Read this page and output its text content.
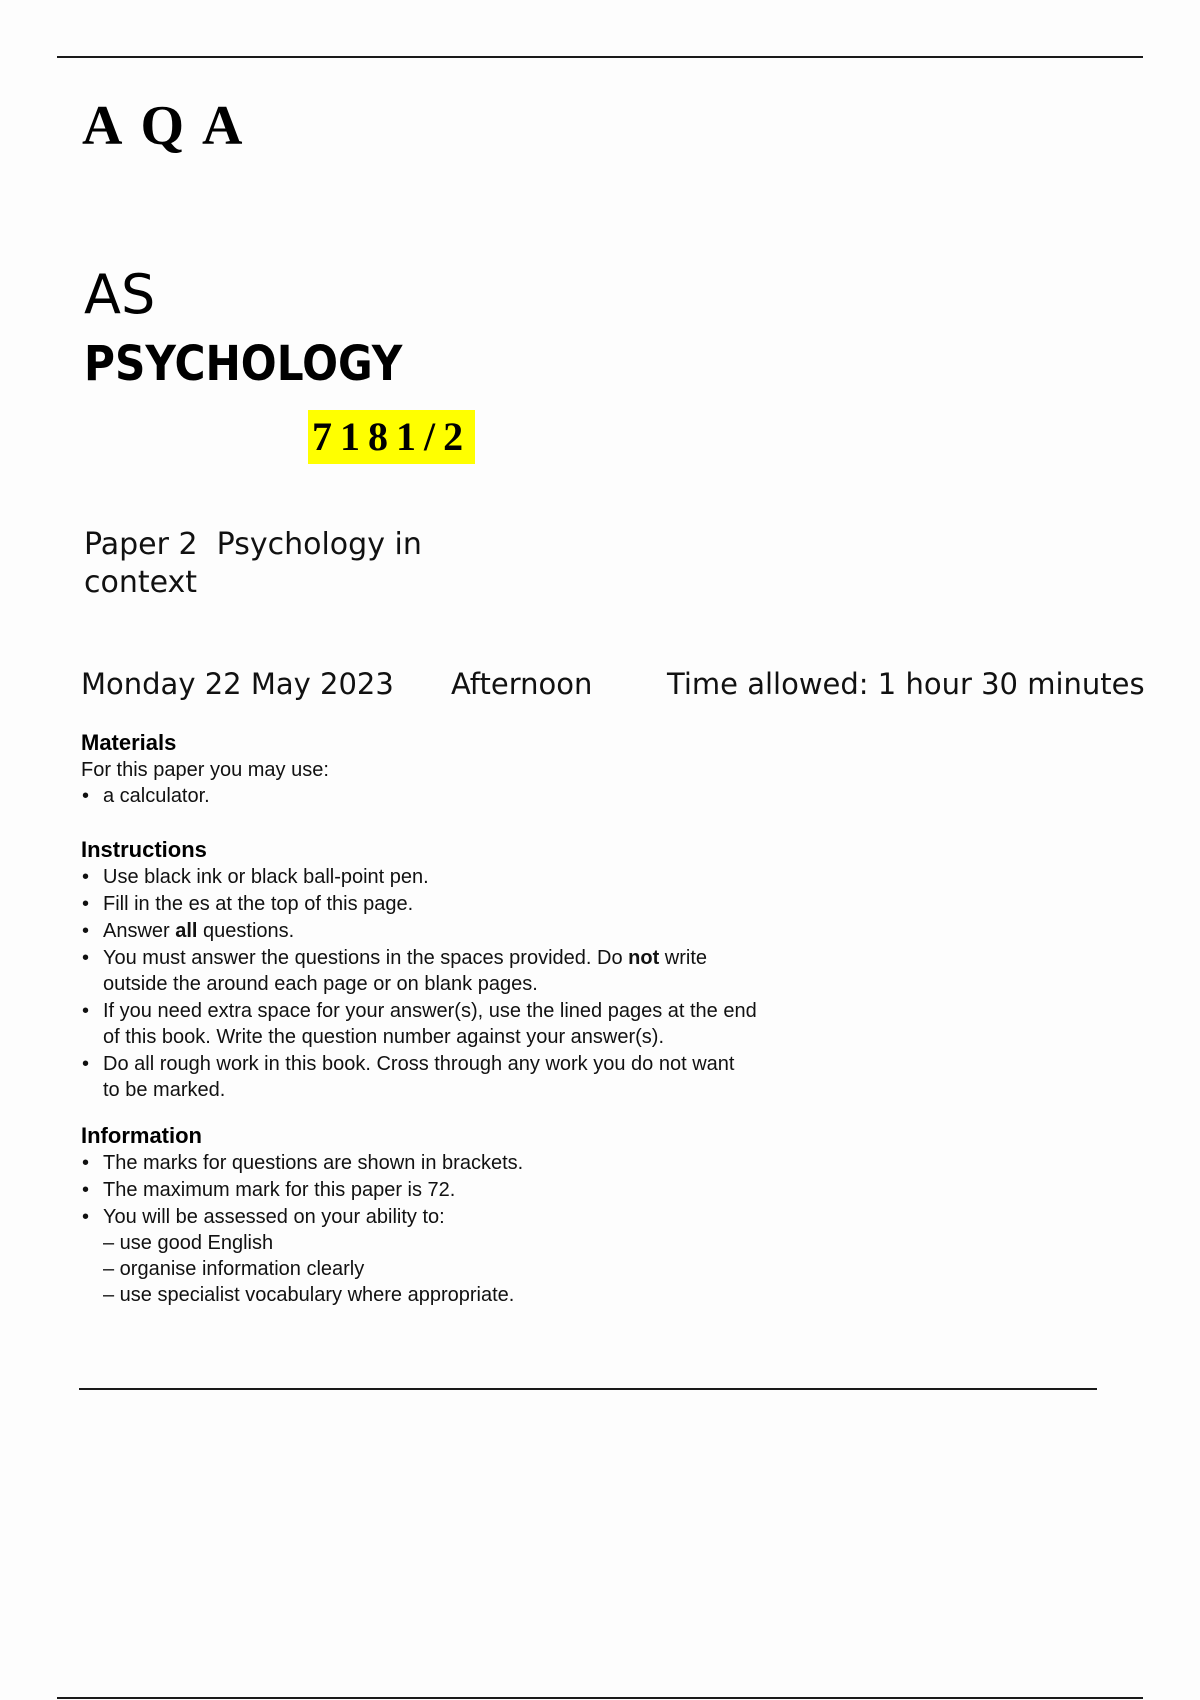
AQA
AS
PSYCHOLOGY
7181/2
Paper 2  Psychology in
context
Monday 22 May 2023 Afternoon	Time allowed: 1 hour 30 minutes
Materials

For this paper you may use:

• a calculator.
Instructions
• Use black ink or black ball-point pen.
• Fill in the es at the top of this page.
• Answer all questions.
• You must answer the questions in the spaces provided. Do not write
outside the around each page or on blank pages.
• If you need extra space for your answer(s), use the lined pages at the end
of this book. Write the question number against your answer(s).
• Do all rough work in this book. Cross through any work you do not want
to be marked.
Information
• The marks for questions are shown in brackets.
• The maximum mark for this paper is 72.
• You will be assessed on your ability to:
– use good English
– organise information clearly
– use specialist vocabulary where appropriate.
